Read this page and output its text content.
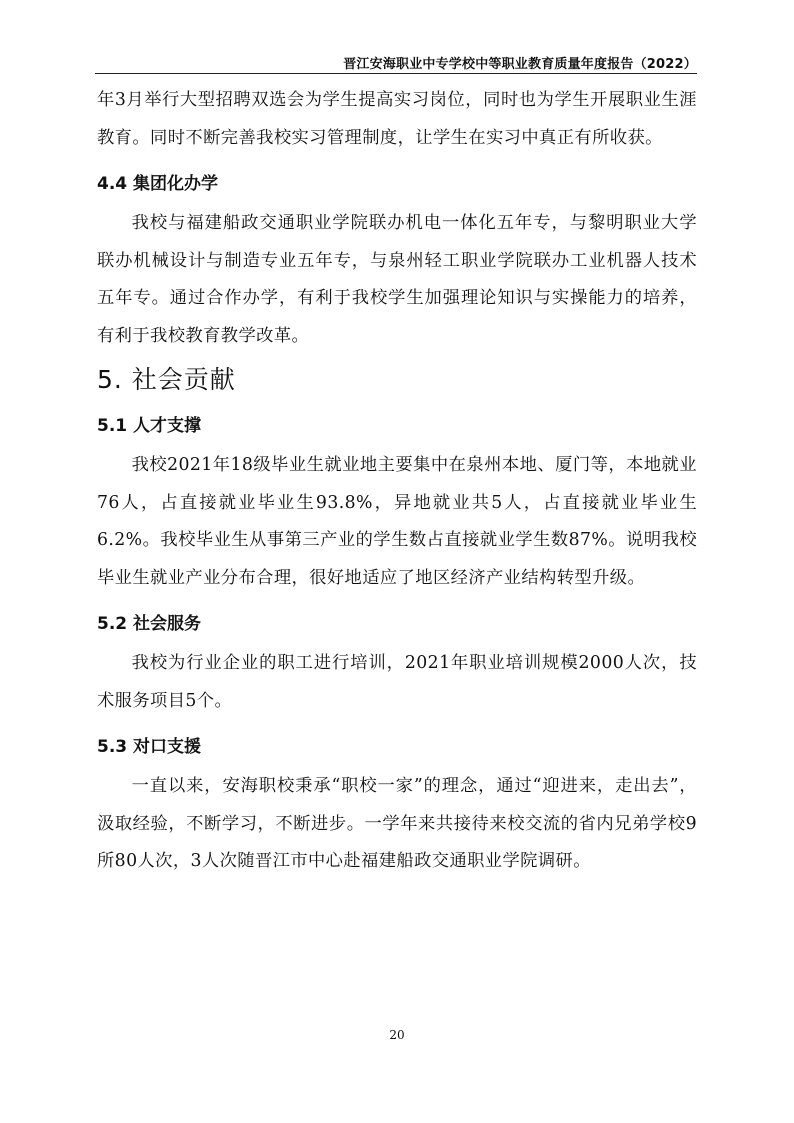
晋江安海职业中专学校中等职业教育质量年度报告（2022）

年3月举行大型招聘双选会为学生提高实习岗位，同时也为学生开展职业生涯教育。同时不断完善我校实习管理制度，让学生在实习中真正有所收获。

4.4 集团化办学

我校与福建船政交通职业学院联办机电一体化五年专，与黎明职业大学联办机械设计与制造专业五年专，与泉州轻工职业学院联办工业机器人技术五年专。通过合作办学，有利于我校学生加强理论知识与实操能力的培养，有利于我校教育教学改革。

5. 社会贡献
5.1 人才支撑

我校2021年18级毕业生就业地主要集中在泉州本地、厦门等，本地就业76人，占直接就业毕业生93.8%，异地就业共5人，占直接就业毕业生6.2%。我校毕业生从事第三产业的学生数占直接就业学生数87%。说明我校毕业生就业产业分布合理，很好地适应了地区经济产业结构转型升级。

5.2 社会服务

我校为行业企业的职工进行培训，2021年职业培训规模2000人次，技术服务项目5个。

5.3 对口支援

一直以来，安海职校秉承“职校一家”的理念，通过“迎进来，走出去”，汲取经验，不断学习，不断进步。一学年来共接待来校交流的省内兄弟学校9所80人次，3人次随晋江市中心赴福建船政交通职业学院调研。

20
